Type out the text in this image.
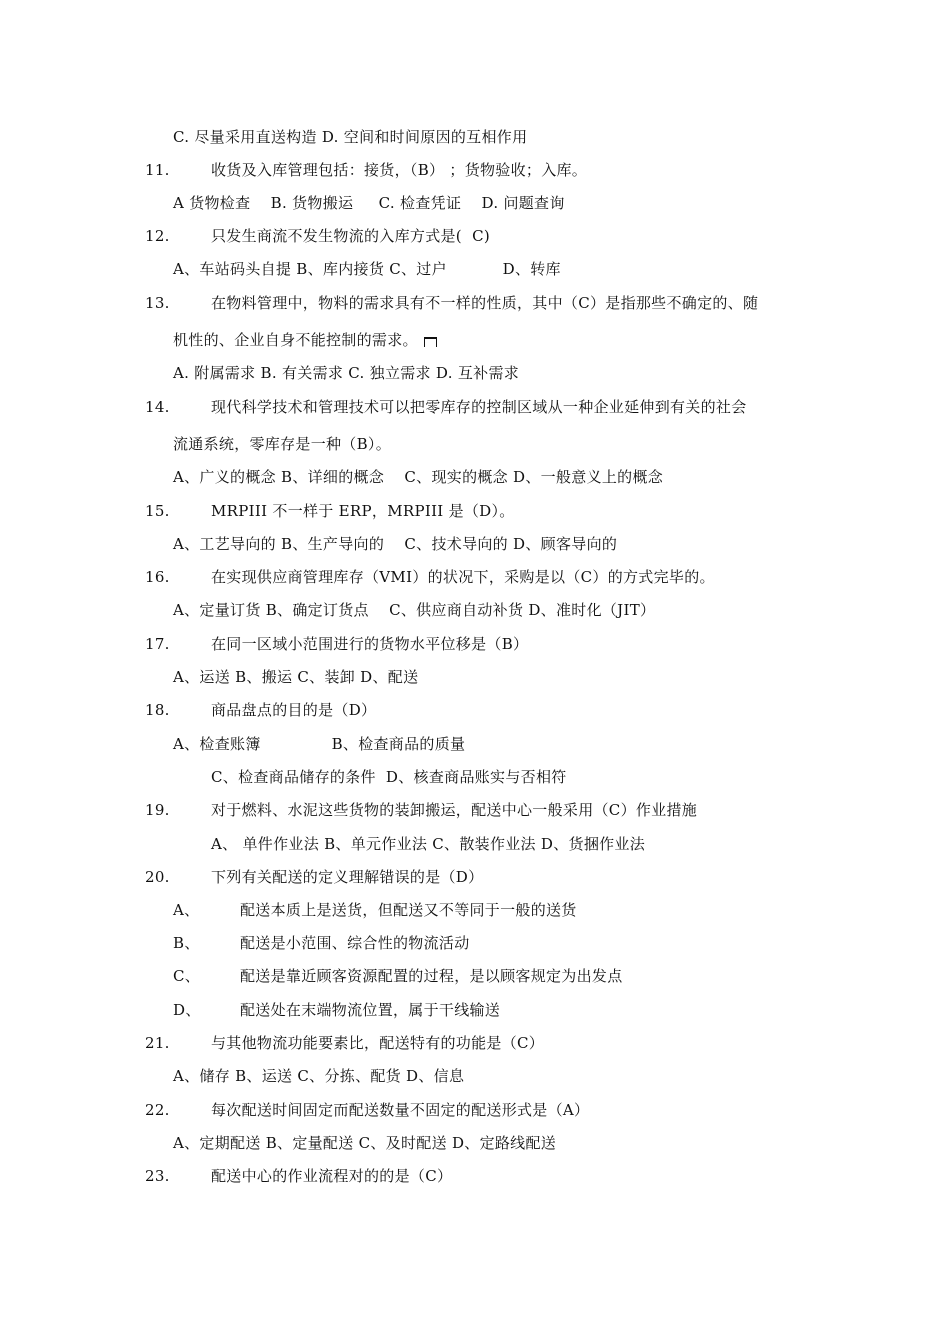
C. 尽量采用直送构造 D. 空间和时间原因的互相作用
11.	收货及入库管理包括：接货，（B） ；货物验收；入库。
A 货物检查    B. 货物搬运     C. 检查凭证    D. 问题查询
12.	只发生商流不发生物流的入库方式是(  C)
A、车站码头自提 B、库内接货 C、过户           D、转库
13.	在物料管理中，物料的需求具有不一样的性质，其中（C）是指那些不确定的、随
机性的、企业自身不能控制的需求。
A. 附属需求 B. 有关需求 C. 独立需求 D. 互补需求
14.	现代科学技术和管理技术可以把零库存的控制区域从一种企业延伸到有关的社会
流通系统，零库存是一种（B）。
A、广义的概念 B、详细的概念    C、现实的概念 D、一般意义上的概念
15.	MRPIII 不一样于 ERP，MRPIII 是（D）。
A、工艺导向的 B、生产导向的    C、技术导向的 D、顾客导向的
16.	在实现供应商管理库存（VMI）的状况下，采购是以（C）的方式完毕的。
A、定量订货 B、确定订货点    C、供应商自动补货 D、准时化（JIT）
17.	在同一区域小范围进行的货物水平位移是（B）
A、运送 B、搬运 C、装卸 D、配送
18.	商品盘点的目的是（D）
A、检查账簿              B、检查商品的质量
C、检查商品储存的条件  D、核查商品账实与否相符
19.	对于燃料、水泥这些货物的装卸搬运，配送中心一般采用（C）作业措施
A、 单件作业法 B、单元作业法 C、散装作业法 D、货捆作业法
20.	下列有关配送的定义理解错误的是（D）
A、	配送本质上是送货，但配送又不等同于一般的送货
B、	配送是小范围、综合性的物流活动
C、	配送是靠近顾客资源配置的过程，是以顾客规定为出发点
D、	配送处在末端物流位置，属于干线输送
21.	与其他物流功能要素比，配送特有的功能是（C）
A、储存 B、运送 C、分拣、配货 D、信息
22.	每次配送时间固定而配送数量不固定的配送形式是（A）
A、定期配送 B、定量配送 C、及时配送 D、定路线配送
23.	配送中心的作业流程对的的是（C）
